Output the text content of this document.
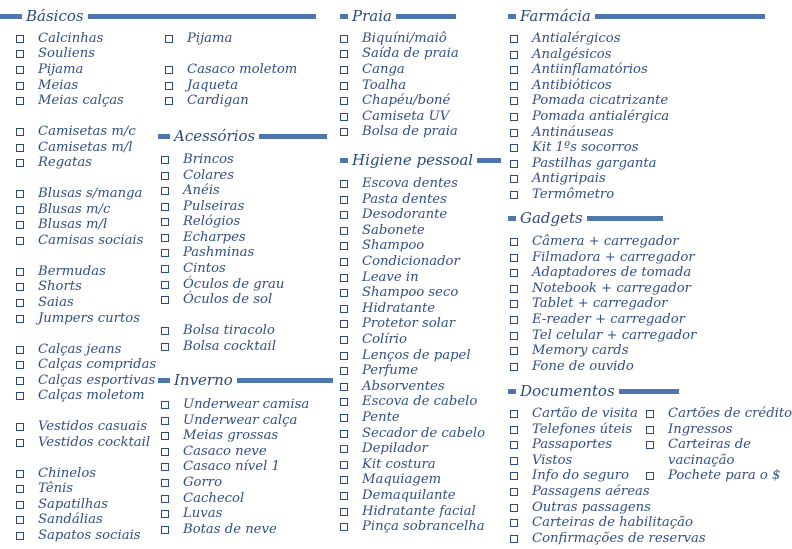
Básicos	Praia	Farmácia
Acessórios
Higiene pessoal
Gadgets
Inverno
Documentos
Calcinhas
Souliens
Pijama
Meias
Meias calças
Camisetas m/c
Camisetas m/l
Regatas
Blusas s/manga
Blusas m/c
Blusas m/l
Camisas sociais
Bermudas
Shorts
Saias
Jumpers curtos
Calças jeans
Calças compridas
Calças esportivas
Calças moletom
Vestidos casuais
Vestidos cocktail
Chinelos
Tênis
Sapatilhas
Sandálias
Sapatos sociais
Pijama
Casaco moletom
Jaqueta
Cardigan
Brincos
Colares
Anéis
Pulseiras
Relógios
Echarpes
Pashminas
Cintos
Óculos de grau
Óculos de sol
Bolsa tiracolo
Bolsa cocktail
Underwear camisa
Underwear calça
Meias grossas
Casaco neve
Casaco nível 1
Gorro
Cachecol
Luvas
Botas de neve
Biquíni/maiô
Saída de praia
Canga
Toalha
Chapéu/boné
Camiseta UV
Bolsa de praia
Escova dentes
Pasta dentes
Desodorante
Sabonete
Shampoo
Condicionador
Leave in
Shampoo seco
Hidratante
Protetor solar
Colírio
Lenços de papel
Perfume
Absorventes
Escova de cabelo
Pente
Secador de cabelo
Depilador
Kit costura
Maquiagem
Demaquilante
Hidratante facial
Pinça sobrancelha
Antialérgicos
Analgésicos
Antiinflamatórios
Antibióticos
Pomada cicatrizante
Pomada antialérgica
Antináuseas
Kit 1ºs socorros
Pastilhas garganta
Antigripais
Termômetro
Câmera + carregador
Filmadora + carregador
Adaptadores de tomada
Notebook + carregador
Tablet + carregador
E-reader + carregador
Tel celular + carregador
Memory cards
Fone de ouvido
Cartão de visita
Telefones úteis
Passaportes
Vistos
Info do seguro
Passagens aéreas
Outras passagens
Carteiras de habilitação
Confirmações de reservas
Cartões de crédito
Ingressos
Carteiras de vacinação
Pochete para o $
